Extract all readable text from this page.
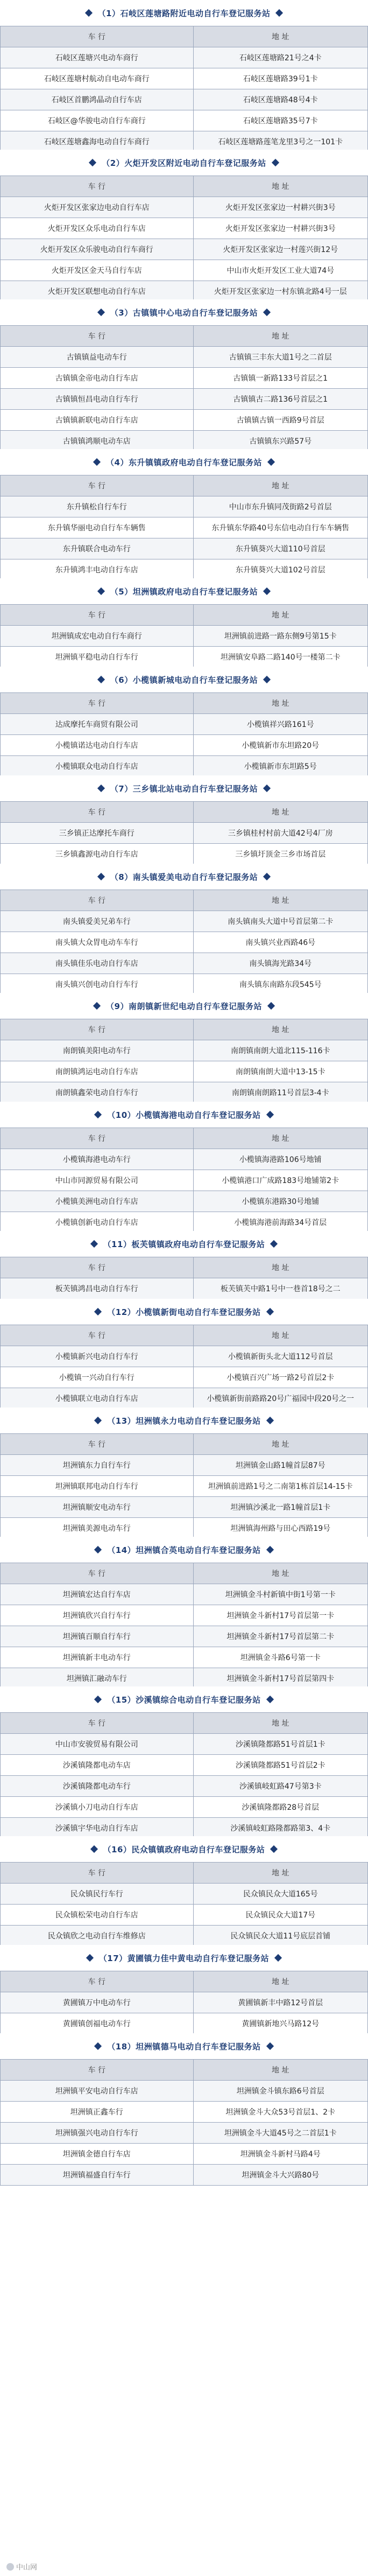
（1）石岐区莲塘路附近电动自行车登记服务站
车 行	地 址
石岐区莲塘兴电动车商行	石岐区莲塘路21号之4卡
石岐区莲塘村航动自电动车商行	石岐区莲塘路39号1卡
石岐区首鹏鸿晶动自行车店	石岐区莲塘路48号4卡
石岐区@华骏电动自行车商行	石岐区莲塘路35号7卡
石岐区莲塘鑫海电动自行车商行	石岐区莲塘路莲笔龙里3号之一101卡
（2）火炬开发区附近电动自行车登记服务站
车 行	地 址
火炬开发区张家边电动自行车店	火炬开发区张家边一村耕兴街3号
火炬开发区众乐电动自行车店	火炬开发区张家边一村耕兴街3号
火炬开发区众乐骏电动自行车商行	火炬开发区张家边一村莲兴街12号
火炬开发区金天马自行车店	中山市火炬开发区工业大道74号
火炬开发区联想电动自行车店	火炬开发区张家边一村东镇北路4号一层
（3）古镇镇中心电动自行车登记服务站
车 行	地 址
古镇镇益电动车行	古镇镇三丰东大道1号之二首层
古镇镇金帝电动自行车店	古镇镇一新路133号首层之1
古镇镇恒昌电动自行车行	古镇镇古二路136号首层之1
古镇镇新联电动自行车店	古镇镇古镇一西路9号首层
古镇镇鸿顺电动车店	古镇镇东兴路57号
（4）东升镇镇政府电动自行车登记服务站
车 行	地 址
东升镇松自行车行	中山市东升镇同茂街路2号首层
东升镇华丽电动自行车车辆售	东升镇东华路40号东信电动自行车车辆售
东升镇联合电动车行	东升镇葵兴大道110号首层
东升镇鸿丰电动自行车店	东升镇葵兴大道102号首层
（5）坦洲镇政府电动自行车登记服务站
车 行	地 址
坦洲镇成宏电动自行车商行	坦洲镇前进路一路东侧9号第15卡
坦洲镇平稳电动自行车行	坦洲镇安阜路二路140号一楼第二卡
（6）小榄镇新城电动自行车登记服务站
车 行	地 址
达成摩托车商贸有限公司	小榄镇祥兴路161号
小榄镇诺达电动自行车店	小榄镇新市东坦路20号
小榄镇联众电动自行车店	小榄镇新市东坦路5号
（7）三乡镇北站电动自行车登记服务站
车 行	地 址
三乡镇正达摩托车商行	三乡镇桂村村前大道42号4厂房
三乡镇鑫源电动自行车店	三乡镇圩顶金三乡市场首层
（8）南头镇爱美电动自行车登记服务站
车 行	地 址
南头镇爱美兄弟车行	南头镇南头大道中号首层第二卡
南头镇大众胃电动车车行	南头镇兴业西路46号
南头镇佳乐电动自行车店	南头镇海光路34号
南头镇兴创电动自行车行	南头镇东南路东段545号
（9）南朗镇新世纪电动自行车登记服务站
车 行	地 址
南朗镇美阳电动车行	南朗镇南朗大道北115-116卡
南朗镇鸿运电动自行车店	南朗镇南朗大道中13-15卡
南朗镇鑫荣电动自行车行	南朗镇南朗路11号首层3-4卡
（10）小榄镇海港电动自行车登记服务站
车 行	地 址
小榄镇海港电动车行	小榄镇海港路106号地铺
中山市同源贸易有限公司	小榄镇港口广成路183号地铺第2卡
小榄镇美洲电动自行车店	小榄镇东港路30号地铺
小榄镇创新电动自行车店	小榄镇海港前海路34号首层
（11）板芙镇镇政府电动自行车登记服务站
车 行	地 址
板芙镇鸿昌电动自行车行	板芙镇芙中路1号中一巷首18号之二
（12）小榄镇新街电动自行车登记服务站
车 行	地 址
小榄镇新兴电动自行车行	小榄镇新街头北大道112号首层
小榄镇一兴动自行车行	小榄镇百兴广场一路2号首层2卡
小榄镇联立电动自行车店	小榄镇新街前路路20号广福园中段20号之一
（13）坦洲镇永力电动自行车登记服务站
车 行	地 址
坦洲镇东力自行车行	坦洲镇金山路1幢首层87号
坦洲镇联邦电动自行车行	坦洲镇前进路1号之二南第1栋首层14-15卡
坦洲镇顺安电动车行	坦洲镇沙溪北一路1幢首层1卡
坦洲镇美源电动车行	坦洲镇海州路与田心西路19号
（14）坦洲镇合英电动自行车登记服务站
车 行	地 址
坦洲镇宏达自行车店	坦洲镇金斗村新镇中街1号第一卡
坦洲镇欣兴自行车行	坦洲镇金斗新村17号首层第一卡
坦洲镇百顺自行车行	坦洲镇金斗新村17号首层第二卡
坦洲镇新丰电动车行	坦洲镇金斗路6号第一卡
坦洲镇汇融动车行	坦洲镇金斗新村17号首层第四卡
（15）沙溪镇综合电动自行车登记服务站
车 行	地 址
中山市安骏贸易有限公司	沙溪镇隆都路51号首层1卡
沙溪镇隆都电动车店	沙溪镇隆都路51号首层2卡
沙溪镇隆都电动车行	沙溪镇岐虹路47号第3卡
沙溪镇小刀电动自行车店	沙溪镇隆都路28号首层
沙溪镇宇华电动自行车店	沙溪镇岐虹路隆都路第3、4卡
（16）民众镇镇政府电动自行车登记服务站
车 行	地 址
民众镇民行车行	民众镇民众大道165号
民众镇松荣电动自行车店	民众镇民众大道17号
民众镇欣之电动自行车维修店	民众镇民众大道11号底层首铺
（17）黄圃镇力佳中黄电动自行车登记服务站
车 行	地 址
黄圃镇万中电动车行	黄圃镇新丰中路12号首层
黄圃镇创福电动车行	黄圃镇新地兴马路12号
（18）坦洲镇德马电动自行车登记服务站
车 行	地 址
坦洲镇平安电动自行车店	坦洲镇金斗镇东路6号首层
坦洲镇正鑫车行	坦洲镇金斗大众53号首层1、2卡
坦洲镇强兴电动自行车行	坦洲镇金斗大道45号之二首层1卡
坦洲镇金德自行车店	坦洲镇金斗新村马路4号
坦洲镇福盛自行车行	坦洲镇金斗大兴路80号
中山网
